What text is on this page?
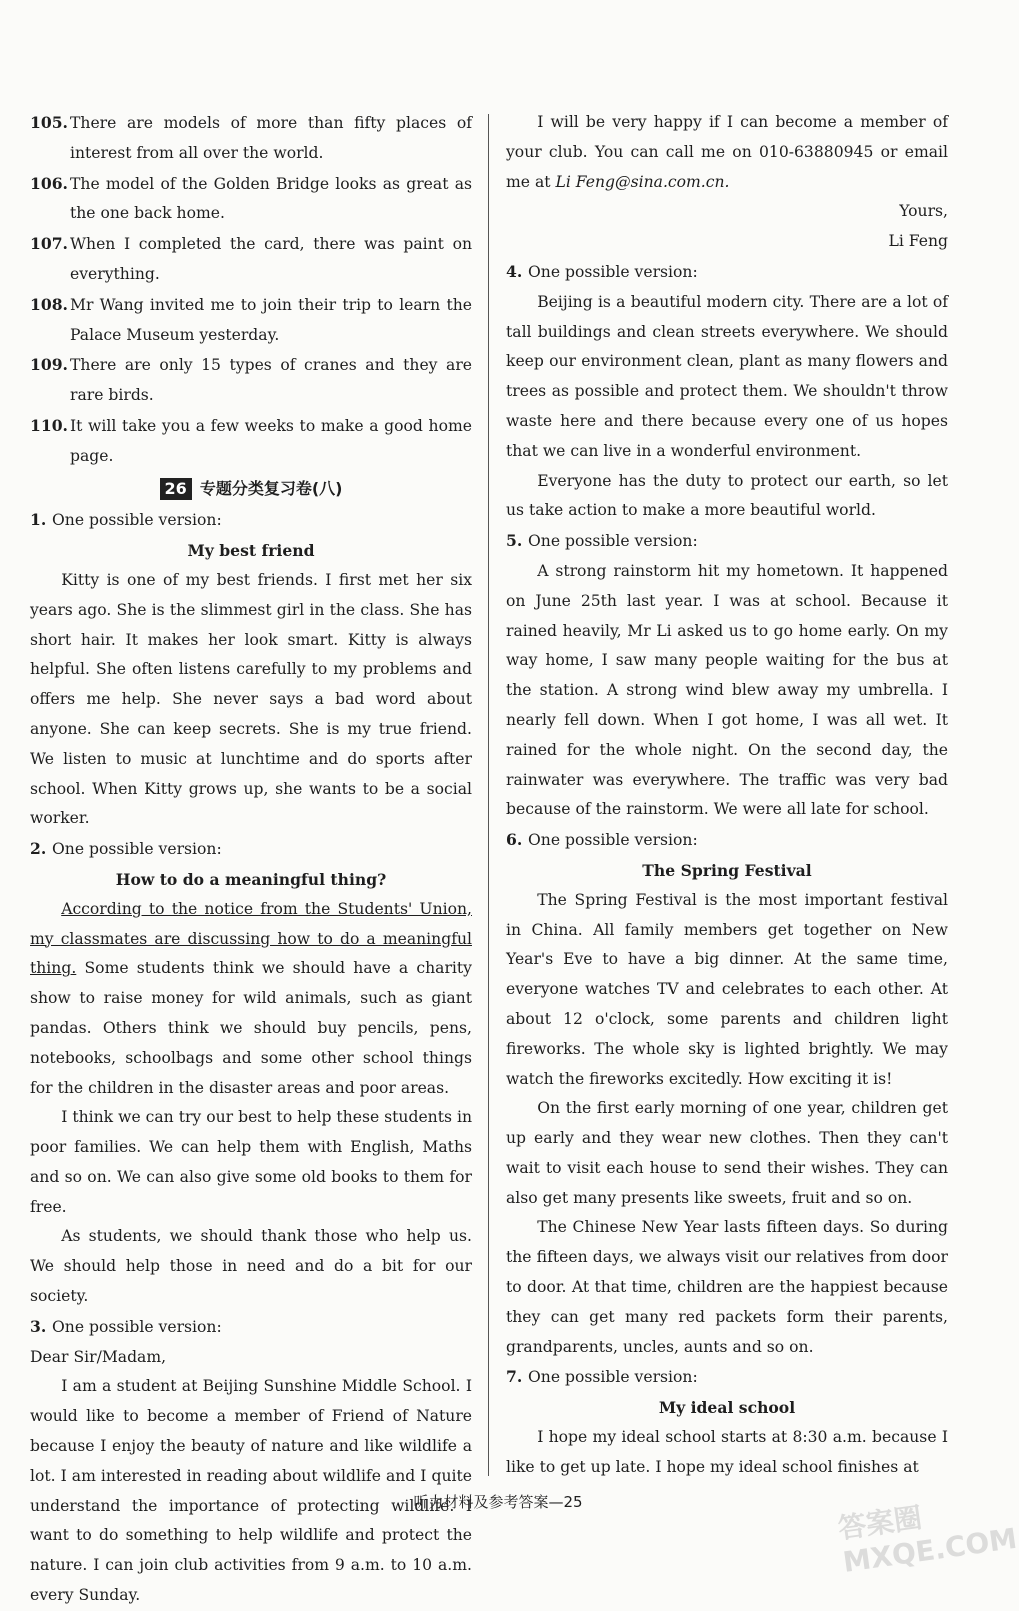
105. There are models of more than fifty places of interest from all over the world.

106. The model of the Golden Bridge looks as great as the one back home.

107. When I completed the card, there was paint on everything.

108. Mr Wang invited me to join their trip to learn the Palace Museum yesterday.

109. There are only 15 types of cranes and they are rare birds.

110. It will take you a few weeks to make a good home page.

26 专题分类复习卷(八)

1. One possible version:

My best friend

Kitty is one of my best friends. I first met her six years ago. She is the slimmest girl in the class. She has short hair. It makes her look smart. Kitty is always helpful. She often listens carefully to my problems and offers me help. She never says a bad word about anyone. She can keep secrets. She is my true friend. We listen to music at lunchtime and do sports after school. When Kitty grows up, she wants to be a social worker.

2. One possible version:

How to do a meaningful thing?

According to the notice from the Students' Union, my classmates are discussing how to do a meaningful thing. Some students think we should have a charity show to raise money for wild animals, such as giant pandas. Others think we should buy pencils, pens, notebooks, schoolbags and some other school things for the children in the disaster areas and poor areas.

I think we can try our best to help these students in poor families. We can help them with English, Maths and so on. We can also give some old books to them for free.

As students, we should thank those who help us. We should help those in need and do a bit for our society.

3. One possible version:

Dear Sir/Madam,

I am a student at Beijing Sunshine Middle School. I would like to become a member of Friend of Nature because I enjoy the beauty of nature and like wildlife a lot. I am interested in reading about wildlife and I quite understand the importance of protecting wildlife. I want to do something to help wildlife and protect the nature. I can join club activities from 9 a.m. to 10 a.m. every Sunday.

I will be very happy if I can become a member of your club. You can call me on 010-63880945 or email me at Li Feng@sina.com.cn.

Yours,

Li Feng

4. One possible version:

Beijing is a beautiful modern city. There are a lot of tall buildings and clean streets everywhere. We should keep our environment clean, plant as many flowers and trees as possible and protect them. We shouldn't throw waste here and there because every one of us hopes that we can live in a wonderful environment.

Everyone has the duty to protect our earth, so let us take action to make a more beautiful world.

5. One possible version:

A strong rainstorm hit my hometown. It happened on June 25th last year. I was at school. Because it rained heavily, Mr Li asked us to go home early. On my way home, I saw many people waiting for the bus at the station. A strong wind blew away my umbrella. I nearly fell down. When I got home, I was all wet. It rained for the whole night. On the second day, the rainwater was everywhere. The traffic was very bad because of the rainstorm. We were all late for school.

6. One possible version:

The Spring Festival

The Spring Festival is the most important festival in China. All family members get together on New Year's Eve to have a big dinner. At the same time, everyone watches TV and celebrates to each other. At about 12 o'clock, some parents and children light fireworks. The whole sky is lighted brightly. We may watch the fireworks excitedly. How exciting it is!

On the first early morning of one year, children get up early and they wear new clothes. Then they can't wait to visit each house to send their wishes. They can also get many presents like sweets, fruit and so on.

The Chinese New Year lasts fifteen days. So during the fifteen days, we always visit our relatives from door to door. At that time, children are the happiest because they can get many red packets form their parents, grandparents, uncles, aunts and so on.

7. One possible version:

My ideal school

I hope my ideal school starts at 8:30 a.m. because I like to get up late. I hope my ideal school finishes at

听力材料及参考答案—25	答案圈 MXQE.COM
